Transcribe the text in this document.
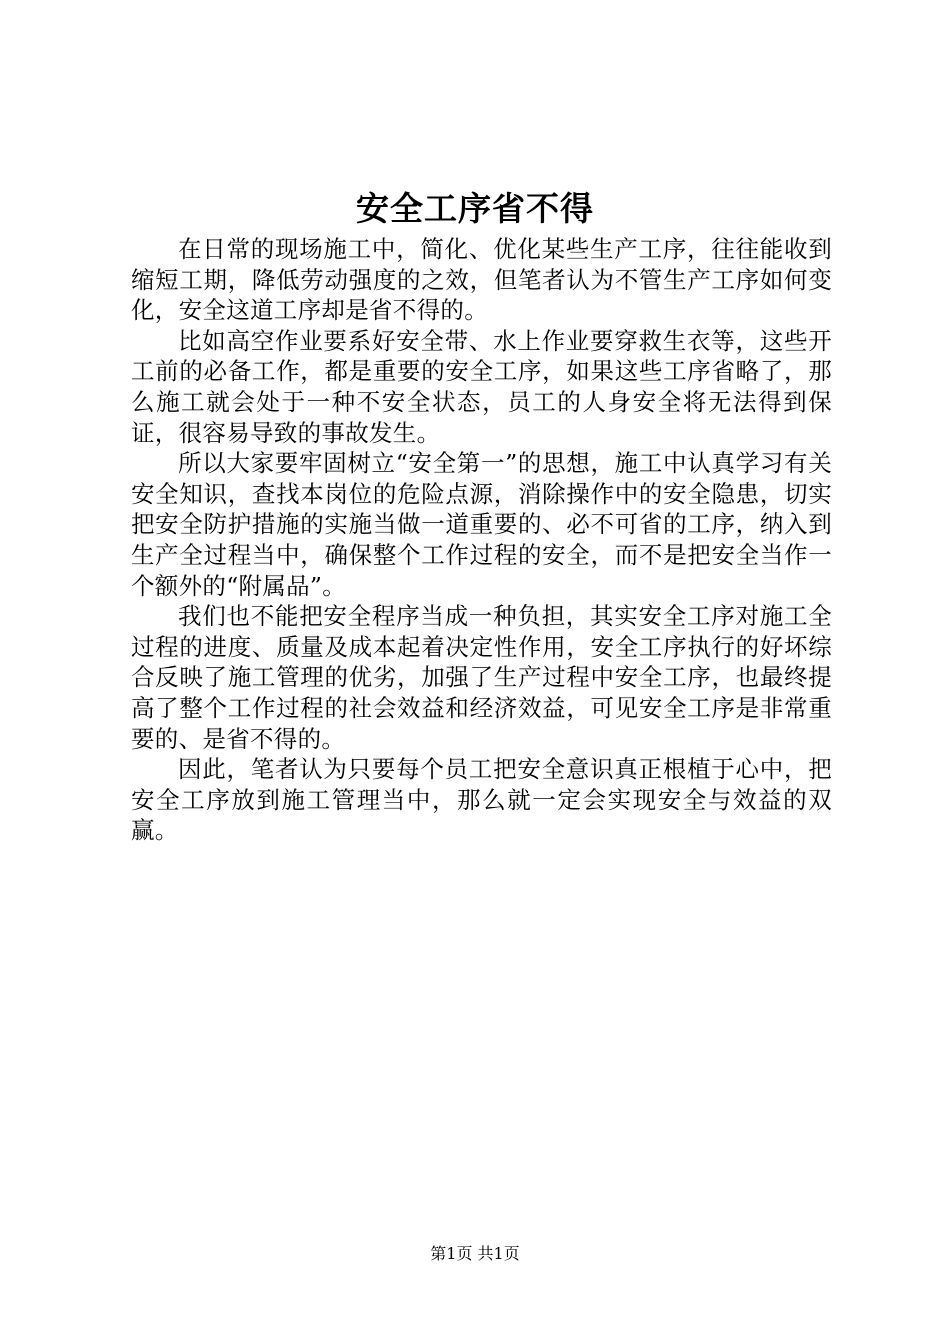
安全工序省不得

在日常的现场施工中，简化、优化某些生产工序，往往能收到缩短工期，降低劳动强度的之效，但笔者认为不管生产工序如何变化，安全这道工序却是省不得的。

比如高空作业要系好安全带、水上作业要穿救生衣等，这些开工前的必备工作，都是重要的安全工序，如果这些工序省略了，那么施工就会处于一种不安全状态，员工的人身安全将无法得到保证，很容易导致的事故发生。

所以大家要牢固树立“安全第一”的思想，施工中认真学习有关安全知识，查找本岗位的危险点源，消除操作中的安全隐患，切实把安全防护措施的实施当做一道重要的、必不可省的工序，纳入到生产全过程当中，确保整个工作过程的安全，而不是把安全当作一个额外的“附属品”。

我们也不能把安全程序当成一种负担，其实安全工序对施工全过程的进度、质量及成本起着决定性作用，安全工序执行的好坏综合反映了施工管理的优劣，加强了生产过程中安全工序，也最终提高了整个工作过程的社会效益和经济效益，可见安全工序是非常重要的、是省不得的。

因此，笔者认为只要每个员工把安全意识真正根植于心中，把安全工序放到施工管理当中，那么就一定会实现安全与效益的双赢。

第1页 共1页
